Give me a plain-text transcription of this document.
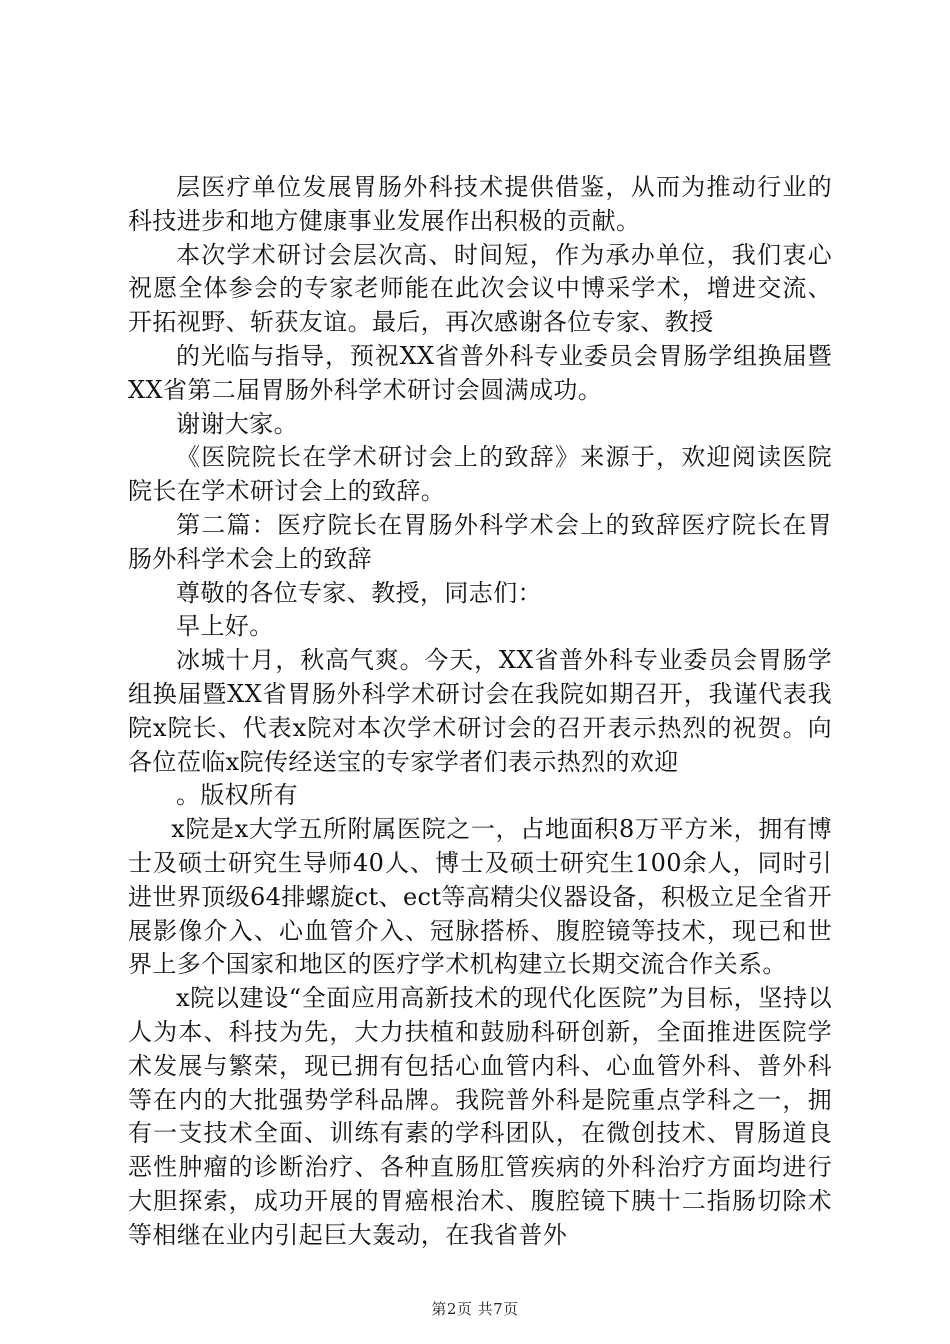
层医疗单位发展胃肠外科技术提供借鉴，从而为推动行业的科技进步和地方健康事业发展作出积极的贡献。

本次学术研讨会层次高、时间短，作为承办单位，我们衷心祝愿全体参会的专家老师能在此次会议中博采学术，增进交流、开拓视野、斩获友谊。最后，再次感谢各位专家、教授

的光临与指导，预祝XX省普外科专业委员会胃肠学组换届暨XX省第二届胃肠外科学术研讨会圆满成功。

谢谢大家。

《医院院长在学术研讨会上的致辞》来源于，欢迎阅读医院院长在学术研讨会上的致辞。

第二篇：医疗院长在胃肠外科学术会上的致辞医疗院长在胃肠外科学术会上的致辞

尊敬的各位专家、教授，同志们：

早上好。

冰城十月，秋高气爽。今天，XX省普外科专业委员会胃肠学组换届暨XX省胃肠外科学术研讨会在我院如期召开，我谨代表我院x院长、代表x院对本次学术研讨会的召开表示热烈的祝贺。向各位莅临x院传经送宝的专家学者们表示热烈的欢迎

。版权所有

x院是x大学五所附属医院之一，占地面积8万平方米，拥有博士及硕士研究生导师40人、博士及硕士研究生100余人，同时引进世界顶级64排螺旋ct、ect等高精尖仪器设备，积极立足全省开展影像介入、心血管介入、冠脉搭桥、腹腔镜等技术，现已和世界上多个国家和地区的医疗学术机构建立长期交流合作关系。

x院以建设“全面应用高新技术的现代化医院”为目标，坚持以人为本、科技为先，大力扶植和鼓励科研创新，全面推进医院学术发展与繁荣，现已拥有包括心血管内科、心血管外科、普外科等在内的大批强势学科品牌。我院普外科是院重点学科之一，拥有一支技术全面、训练有素的学科团队，在微创技术、胃肠道良恶性肿瘤的诊断治疗、各种直肠肛管疾病的外科治疗方面均进行大胆探索，成功开展的胃癌根治术、腹腔镜下胰十二指肠切除术等相继在业内引起巨大轰动，在我省普外

第2页 共7页
